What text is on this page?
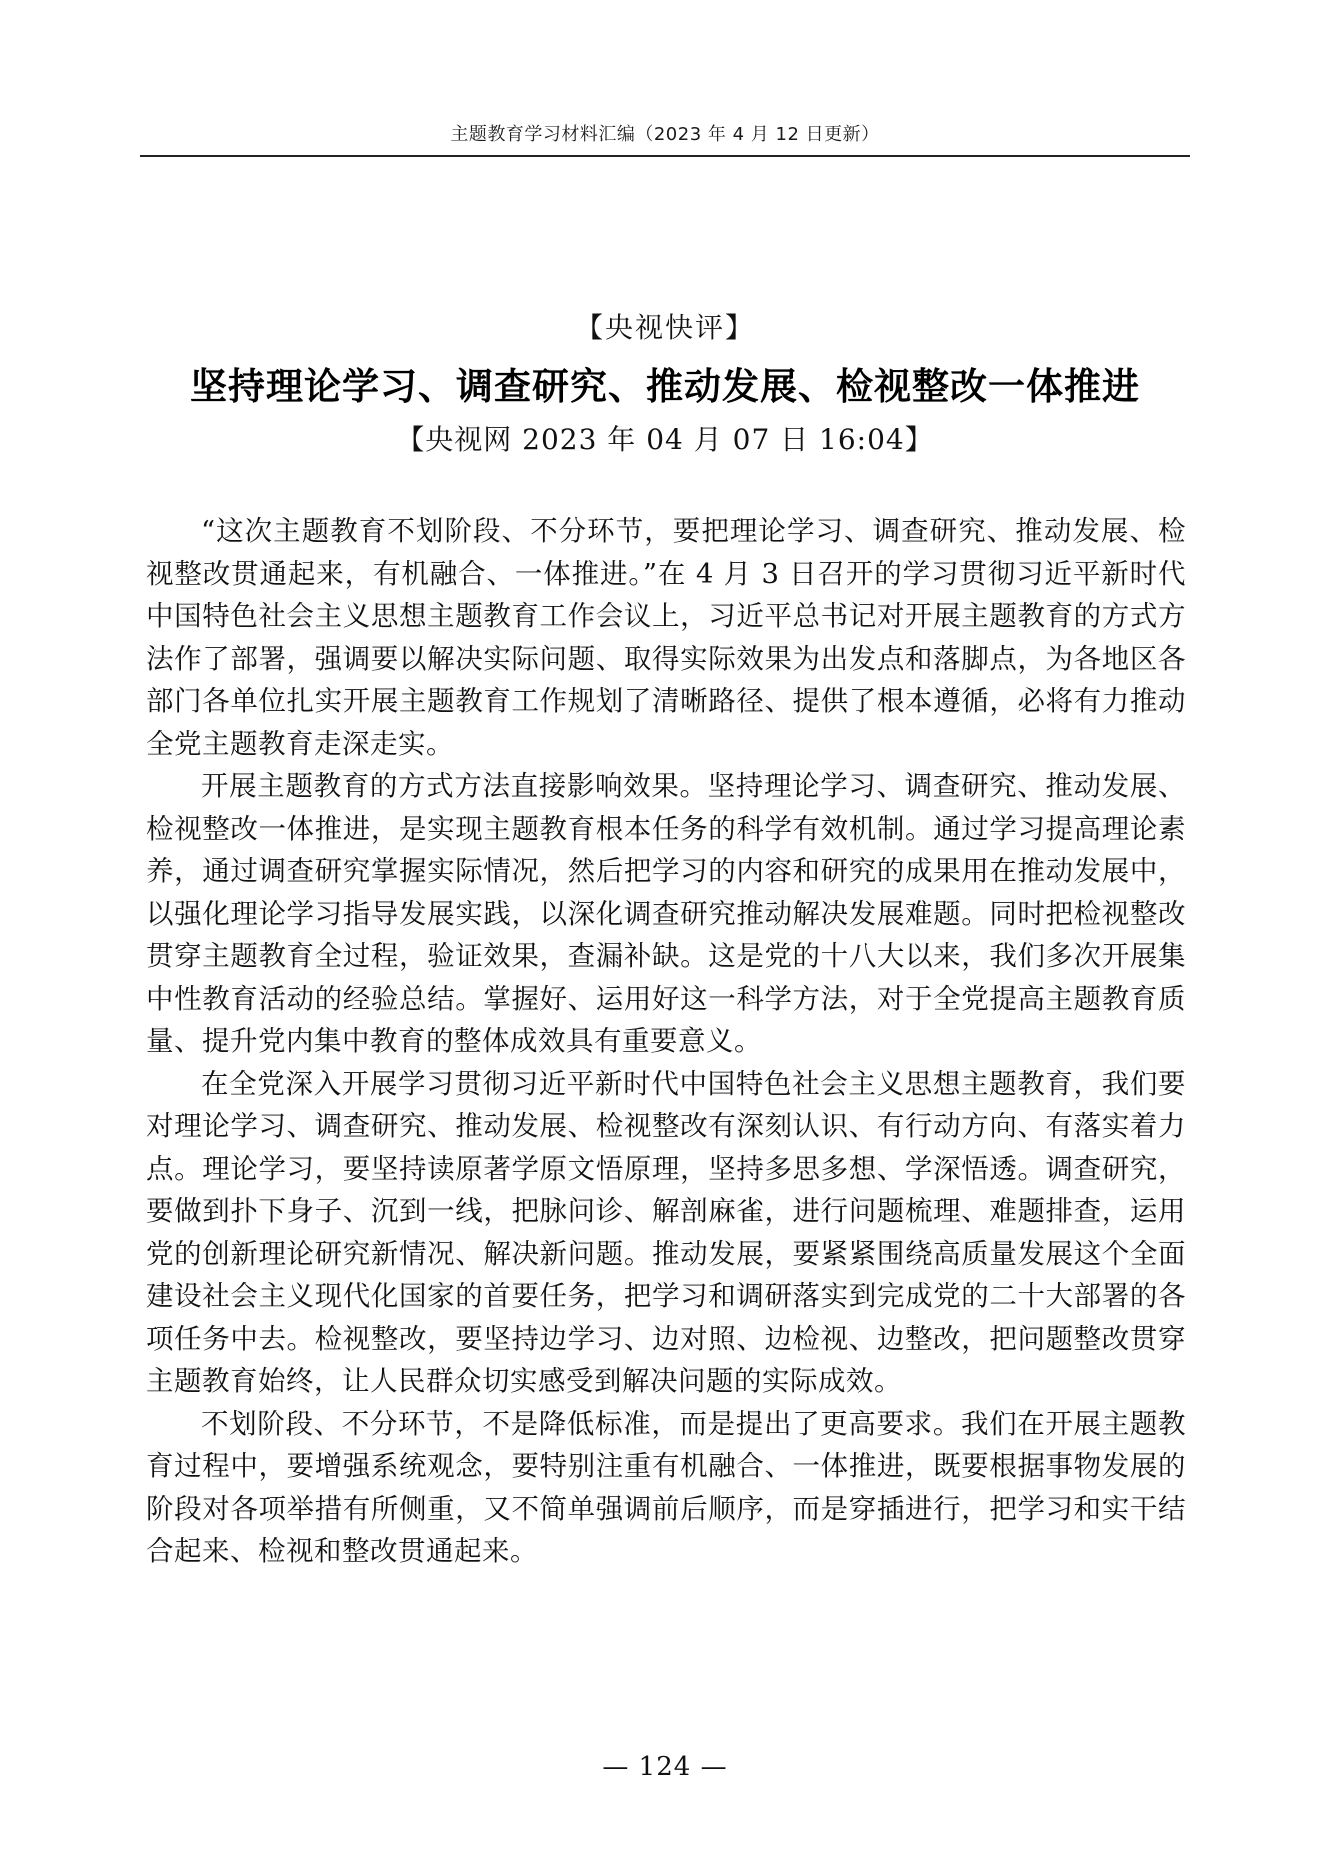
主题教育学习材料汇编（2023 年 4 月 12 日更新）
【央视快评】
坚持理论学习、调查研究、推动发展、检视整改一体推进
【央视网 2023 年 04 月 07 日 16:04】

“这次主题教育不划阶段、不分环节，要把理论学习、调查研究、推动发展、检视整改贯通起来，有机融合、一体推进。”在 4 月 3 日召开的学习贯彻习近平新时代中国特色社会主义思想主题教育工作会议上，习近平总书记对开展主题教育的方式方法作了部署，强调要以解决实际问题、取得实际效果为出发点和落脚点，为各地区各部门各单位扎实开展主题教育工作规划了清晰路径、提供了根本遵循，必将有力推动全党主题教育走深走实。

开展主题教育的方式方法直接影响效果。坚持理论学习、调查研究、推动发展、检视整改一体推进，是实现主题教育根本任务的科学有效机制。通过学习提高理论素养，通过调查研究掌握实际情况，然后把学习的内容和研究的成果用在推动发展中，以强化理论学习指导发展实践，以深化调查研究推动解决发展难题。同时把检视整改贯穿主题教育全过程，验证效果，查漏补缺。这是党的十八大以来，我们多次开展集中性教育活动的经验总结。掌握好、运用好这一科学方法，对于全党提高主题教育质量、提升党内集中教育的整体成效具有重要意义。

在全党深入开展学习贯彻习近平新时代中国特色社会主义思想主题教育，我们要对理论学习、调查研究、推动发展、检视整改有深刻认识、有行动方向、有落实着力点。理论学习，要坚持读原著学原文悟原理，坚持多思多想、学深悟透。调查研究，要做到扑下身子、沉到一线，把脉问诊、解剖麻雀，进行问题梳理、难题排查，运用党的创新理论研究新情况、解决新问题。推动发展，要紧紧围绕高质量发展这个全面建设社会主义现代化国家的首要任务，把学习和调研落实到完成党的二十大部署的各项任务中去。检视整改，要坚持边学习、边对照、边检视、边整改，把问题整改贯穿主题教育始终，让人民群众切实感受到解决问题的实际成效。

不划阶段、不分环节，不是降低标准，而是提出了更高要求。我们在开展主题教育过程中，要增强系统观念，要特别注重有机融合、一体推进，既要根据事物发展的阶段对各项举措有所侧重，又不简单强调前后顺序，而是穿插进行，把学习和实干结合起来、检视和整改贯通起来。

— 124 —
